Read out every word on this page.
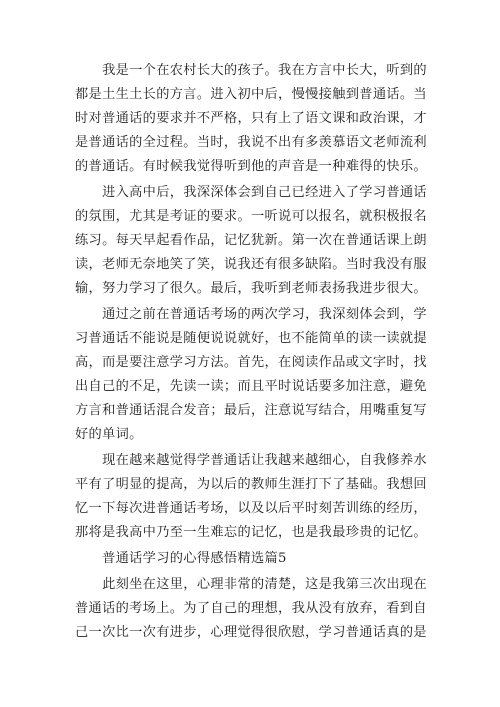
　　我是一个在农村长大的孩子。我在方言中长大，听到的
都是土生土长的方言。进入初中后，慢慢接触到普通话。当
时对普通话的要求并不严格，只有上了语文课和政治课，才
是普通话的全过程。当时，我说不出有多羡慕语文老师流利
的普通话。有时候我觉得听到他的声音是一种难得的快乐。
　　进入高中后，我深深体会到自己已经进入了学习普通话
的氛围，尤其是考证的要求。一听说可以报名，就积极报名
练习。每天早起看作品，记忆犹新。第一次在普通话课上朗
读，老师无奈地笑了笑，说我还有很多缺陷。当时我没有服
输，努力学习了很久。最后，我听到老师表扬我进步很大。
　　通过之前在普通话考场的两次学习，我深刻体会到，学
习普通话不能说是随便说说就好，也不能简单的读一读就提
高，而是要注意学习方法。首先，在阅读作品或文字时，找
出自己的不足，先读一读；而且平时说话要多加注意，避免
方言和普通话混合发音；最后，注意说写结合，用嘴重复写
好的单词。
　　现在越来越觉得学普通话让我越来越细心，自我修养水
平有了明显的提高，为以后的教师生涯打下了基础。我想回
忆一下每次进普通话考场，以及以后平时刻苦训练的经历，
那将是我高中乃至一生难忘的记忆，也是我最珍贵的记忆。
　　普通话学习的心得感悟精选篇5
　　此刻坐在这里，心理非常的清楚，这是我第三次出现在
普通话的考场上。为了自己的理想，我从没有放弃，看到自
己一次比一次有进步，心理觉得很欣慰，学习普通话真的是
